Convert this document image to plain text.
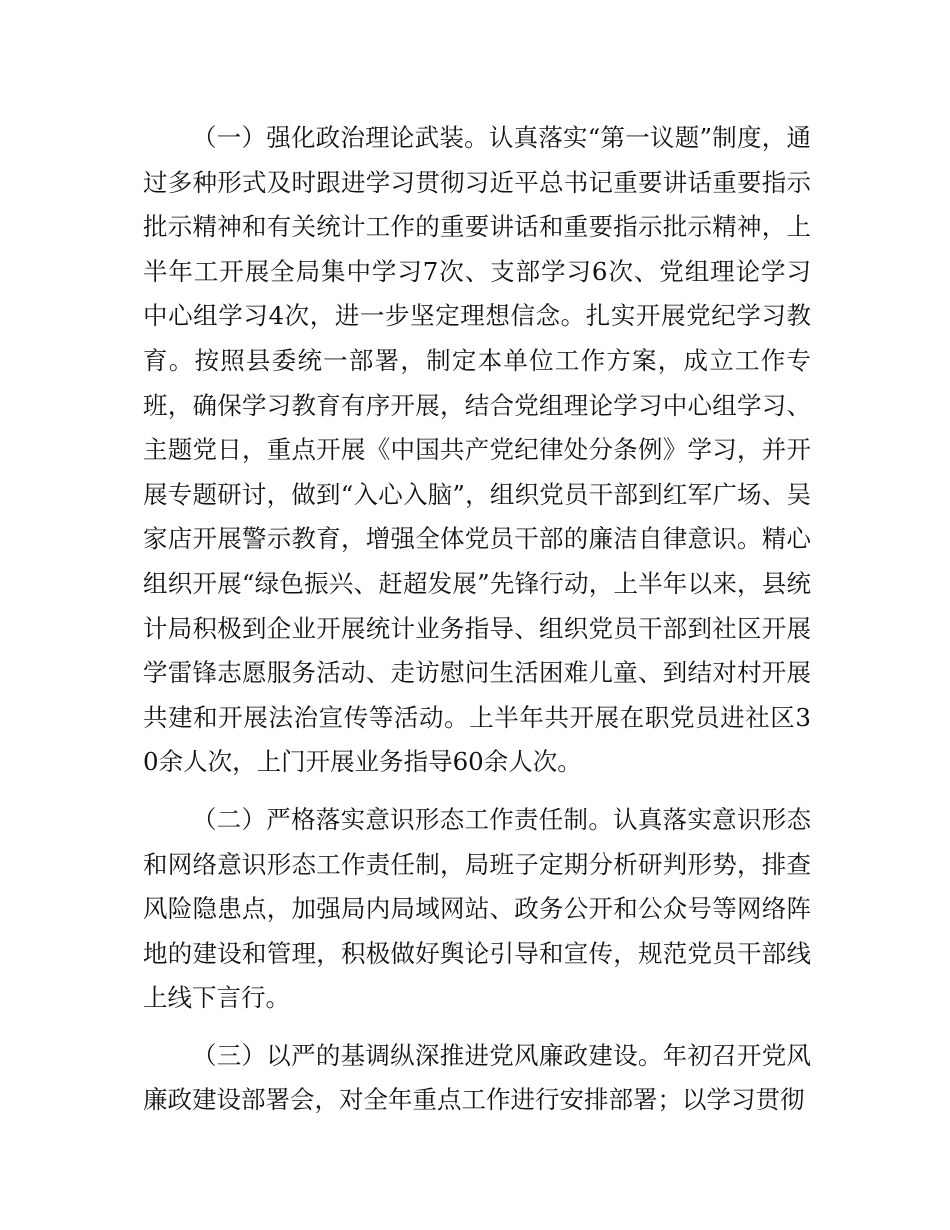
（一）强化政治理论武装。认真落实“第一议题”制度，通过多种形式及时跟进学习贯彻习近平总书记重要讲话重要指示批示精神和有关统计工作的重要讲话和重要指示批示精神，上半年工开展全局集中学习7次、支部学习6次、党组理论学习中心组学习4次，进一步坚定理想信念。扎实开展党纪学习教育。按照县委统一部署，制定本单位工作方案，成立工作专班，确保学习教育有序开展，结合党组理论学习中心组学习、主题党日，重点开展《中国共产党纪律处分条例》学习，并开展专题研讨，做到“入心入脑”，组织党员干部到红军广场、吴家店开展警示教育，增强全体党员干部的廉洁自律意识。精心组织开展“绿色振兴、赶超发展”先锋行动，上半年以来，县统计局积极到企业开展统计业务指导、组织党员干部到社区开展学雷锋志愿服务活动、走访慰问生活困难儿童、到结对村开展共建和开展法治宣传等活动。上半年共开展在职党员进社区30余人次，上门开展业务指导60余人次。

（二）严格落实意识形态工作责任制。认真落实意识形态和网络意识形态工作责任制，局班子定期分析研判形势，排查风险隐患点，加强局内局域网站、政务公开和公众号等网络阵地的建设和管理，积极做好舆论引导和宣传，规范党员干部线上线下言行。

（三）以严的基调纵深推进党风廉政建设。年初召开党风廉政建设部署会，对全年重点工作进行安排部署；以学习贯彻
